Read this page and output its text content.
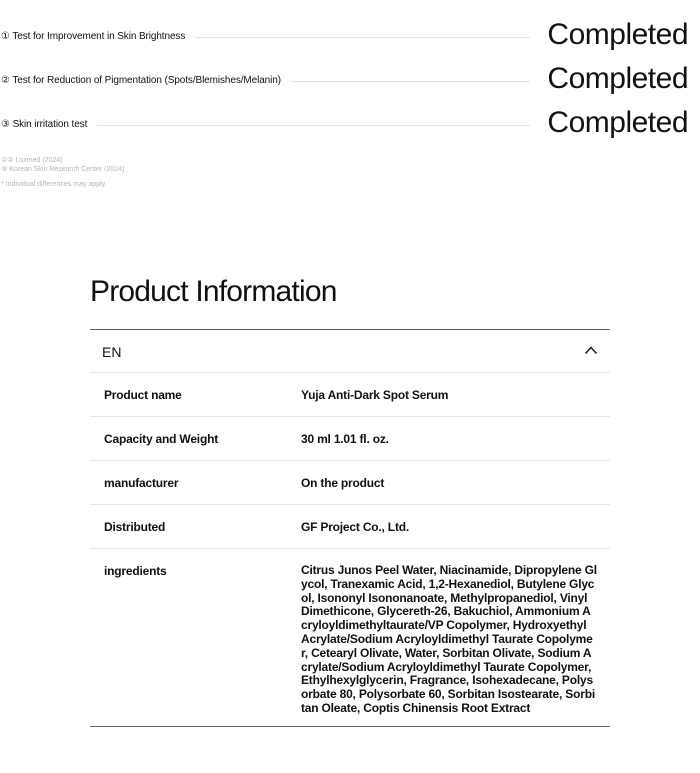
① Test for Improvement in Skin Brightness	Completed
② Test for Reduction of Pigmentation (Spots/Blemishes/Melanin)	Completed
③ Skin irritation test	Completed
①② Luxmed (2024)
③ Korean Skin Research Center (2024)
* Individual differences may apply.
Product Information
EN
Product name	Yuja Anti-Dark Spot Serum
Capacity and Weight	30 ml 1.01 fl. oz.
manufacturer	On the product
Distributed	GF Project Co., Ltd.
ingredients	Citrus Junos Peel Water, Niacinamide, Dipropylene Glycol, Tranexamic Acid, 1,2-Hexanediol, Butylene Glycol, Isononyl Isononanoate, Methylpropanediol, Vinyl Dimethicone, Glycereth-26, Bakuchiol, Ammonium Acryloyldimethyltaurate/VP Copolymer, Hydroxyethyl Acrylate/Sodium Acryloyldimethyl Taurate Copolymer, Cetearyl Olivate, Water, Sorbitan Olivate, Sodium Acrylate/Sodium Acryloyldimethyl Taurate Copolymer, Ethylhexylglycerin, Fragrance, Isohexadecane, Polysorbate 80, Polysorbate 60, Sorbitan Isostearate, Sorbitan Oleate, Coptis Chinensis Root Extract
